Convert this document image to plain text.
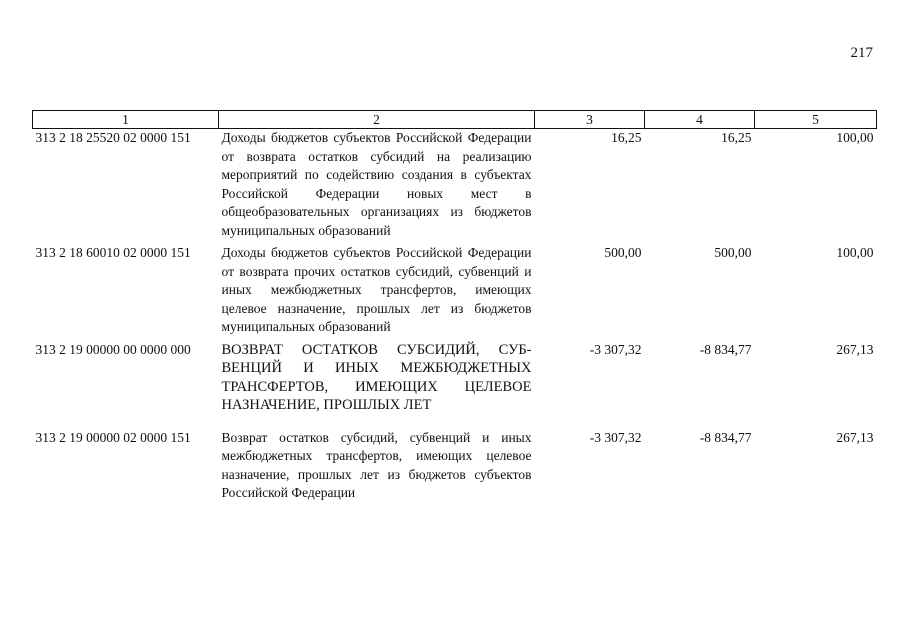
217
1	2	3	4	5
313 2 18 25520 02 0000 151	Доходы бюджетов субъектов Российской Федерации от возврата остатков субсидий на реализацию мероприятий по содействию создания в субъектах Российской Федерации новых мест в общеобразовательных организациях из бюджетов муниципальных образований	16,25	16,25	100,00
313 2 18 60010 02 0000 151	Доходы бюджетов субъектов Российской Федерации от возврата прочих остатков субсидий, субвенций и иных межбюджетных трансфертов, имеющих целевое назначение, прошлых лет из бюджетов муниципальных образований	500,00	500,00	100,00
313 2 19 00000 00 0000 000	ВОЗВРАТ ОСТАТКОВ СУБСИДИЙ, СУБ- ВЕНЦИЙ И ИНЫХ МЕЖБЮДЖЕТНЫХ ТРАНСФЕРТОВ, ИМЕЮЩИХ ЦЕЛЕВОЕ НАЗНАЧЕНИЕ, ПРОШЛЫХ ЛЕТ	-3 307,32	-8 834,77	267,13
313 2 19 00000 02 0000 151	Возврат остатков субсидий, субвенций и иных межбюджетных трансфертов, имеющих целевое назначение, прошлых лет из бюджетов субъектов Российской Федерации	-3 307,32	-8 834,77	267,13
